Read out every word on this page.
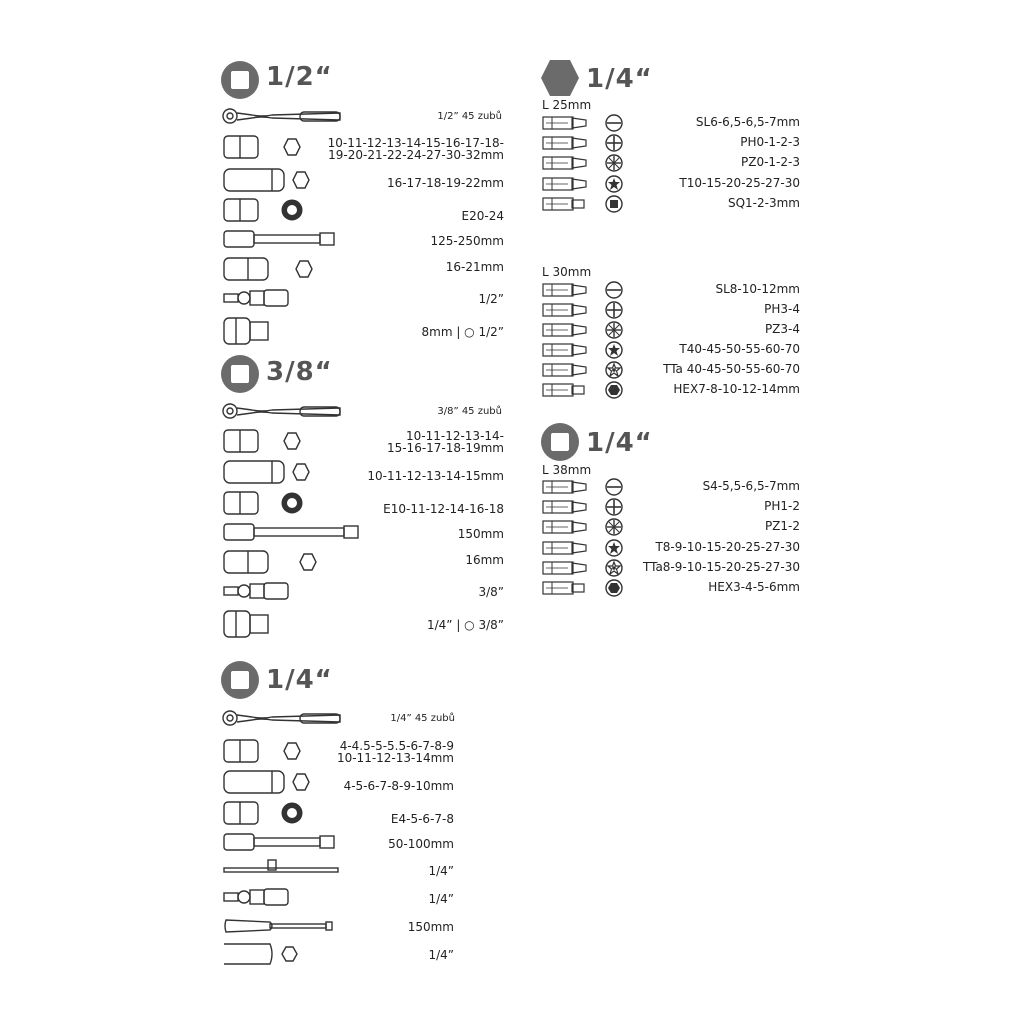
1/2“
1/2” 45 zubů
10-11-12-13-14-15-16-17-18-
19-20-21-22-24-27-30-32mm
16-17-18-19-22mm
E20-24
125-250mm
16-21mm
1/2”
8mm | ○ 1/2”
3/8“
3/8” 45 zubů
10-11-12-13-14-
15-16-17-18-19mm
10-11-12-13-14-15mm
E10-11-12-14-16-18
150mm
16mm
3/8”
1/4” | ○ 3/8”
1/4“
1/4” 45 zubů
4-4.5-5-5.5-6-7-8-9
10-11-12-13-14mm
4-5-6-7-8-9-10mm
E4-5-6-7-8
50-100mm
1/4”
1/4”
150mm
1/4”
1/4“
L 25mm
SL6-6,5-6,5-7mm
PH0-1-2-3
PZ0-1-2-3
T10-15-20-25-27-30
SQ1-2-3mm
L 30mm
SL8-10-12mm
PH3-4
PZ3-4
T40-45-50-55-60-70
TTa 40-45-50-55-60-70
HEX7-8-10-12-14mm
1/4“
L 38mm
S4-5,5-6,5-7mm
PH1-2
PZ1-2
T8-9-10-15-20-25-27-30
TTa8-9-10-15-20-25-27-30
HEX3-4-5-6mm
